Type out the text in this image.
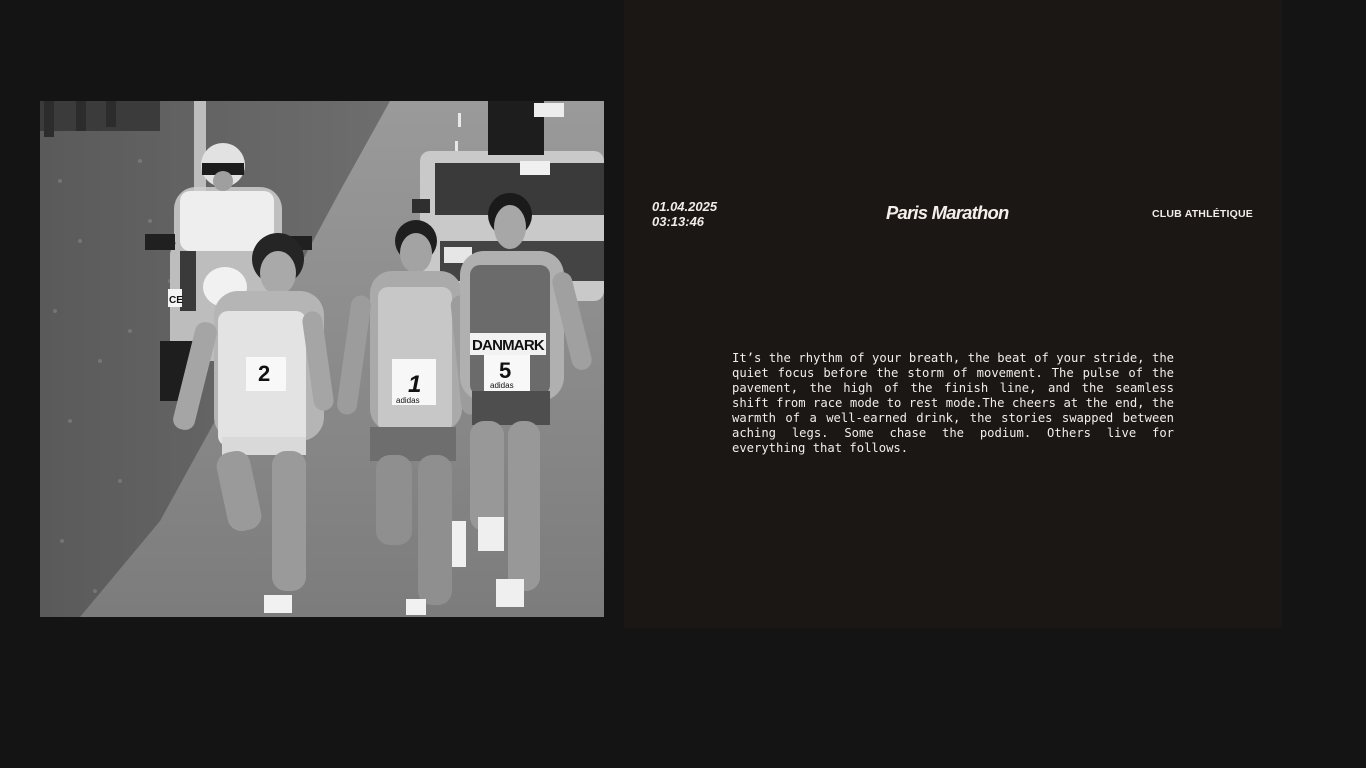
CE
2	1
adidas
DANMARK
5
adidas
01.04.2025
03:13:46	Paris Marathon	CLUB ATHLÉTIQUE

It’s the rhythm of your breath, the beat of your stride, the quiet focus before the storm of movement. The pulse of the pavement, the high of the finish line, and the seamless shift from race mode to rest mode.The cheers at the end, the warmth of a well-earned drink, the stories swapped between aching legs. Some chase the podium. Others live for everything that follows.
